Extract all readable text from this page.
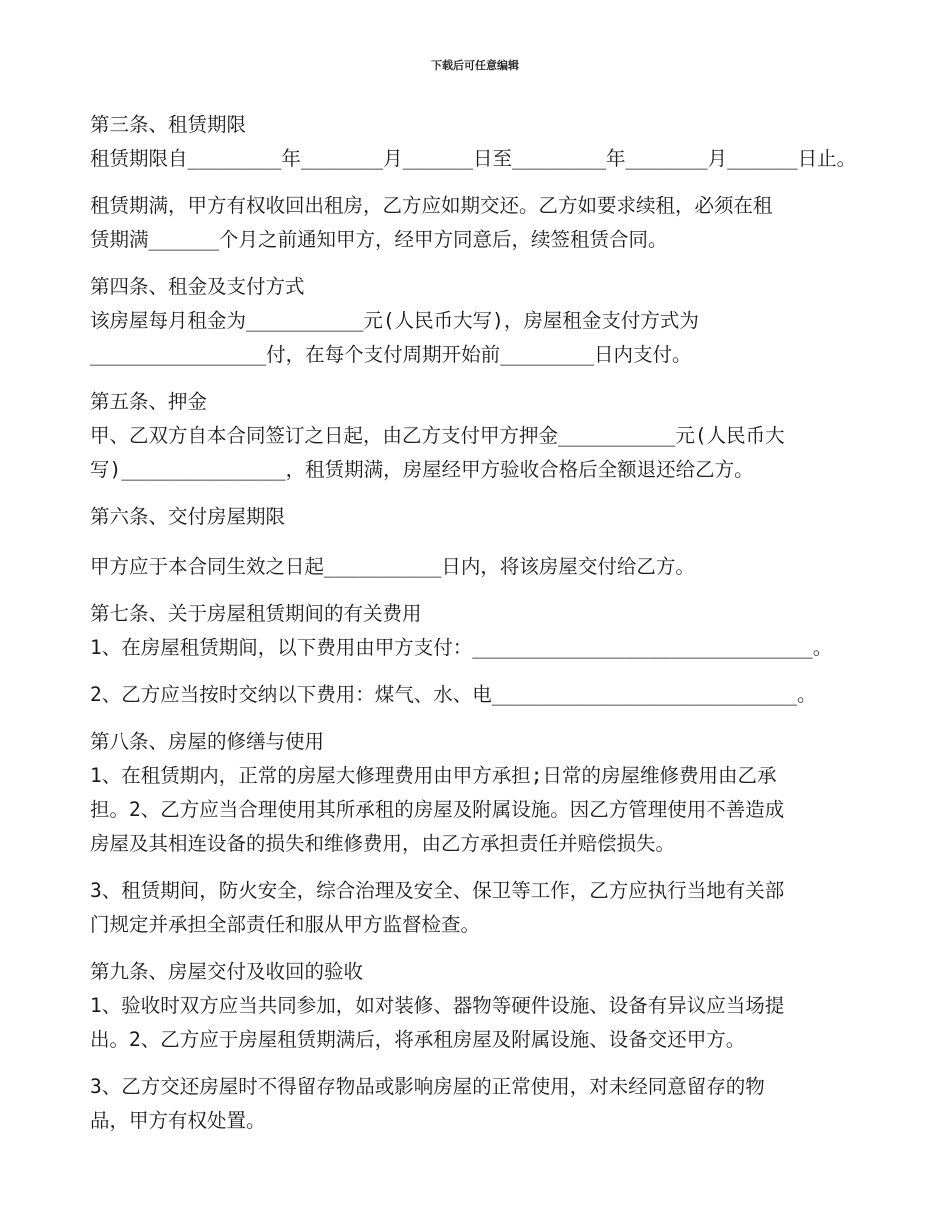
下载后可任意编辑

第三条、租赁期限

租赁期限自________年_______月______日至________年_______月______日止。

租赁期满，甲方有权收回出租房，乙方应如期交还。乙方如要求续租，必须在租

赁期满______个月之前通知甲方，经甲方同意后，续签租赁合同。

第四条、租金及支付方式

该房屋每月租金为__________元(人民币大写)，房屋租金支付方式为

_______________付，在每个支付周期开始前________日内支付。

第五条、押金

甲、乙双方自本合同签订之日起，由乙方支付甲方押金__________元(人民币大

写)______________，租赁期满，房屋经甲方验收合格后全额退还给乙方。

第六条、交付房屋期限

甲方应于本合同生效之日起__________日内，将该房屋交付给乙方。

第七条、关于房屋租赁期间的有关费用

1、在房屋租赁期间，以下费用由甲方支付：_____________________________。

2、乙方应当按时交纳以下费用：煤气、水、电__________________________。

第八条、房屋的修缮与使用

1、在租赁期内，正常的房屋大修理费用由甲方承担;日常的房屋维修费用由乙承

担。2、乙方应当合理使用其所承租的房屋及附属设施。因乙方管理使用不善造成

房屋及其相连设备的损失和维修费用，由乙方承担责任并赔偿损失。

3、租赁期间，防火安全，综合治理及安全、保卫等工作，乙方应执行当地有关部

门规定并承担全部责任和服从甲方监督检查。

第九条、房屋交付及收回的验收

1、验收时双方应当共同参加，如对装修、器物等硬件设施、设备有异议应当场提

出。2、乙方应于房屋租赁期满后，将承租房屋及附属设施、设备交还甲方。

3、乙方交还房屋时不得留存物品或影响房屋的正常使用，对未经同意留存的物

品，甲方有权处置。
